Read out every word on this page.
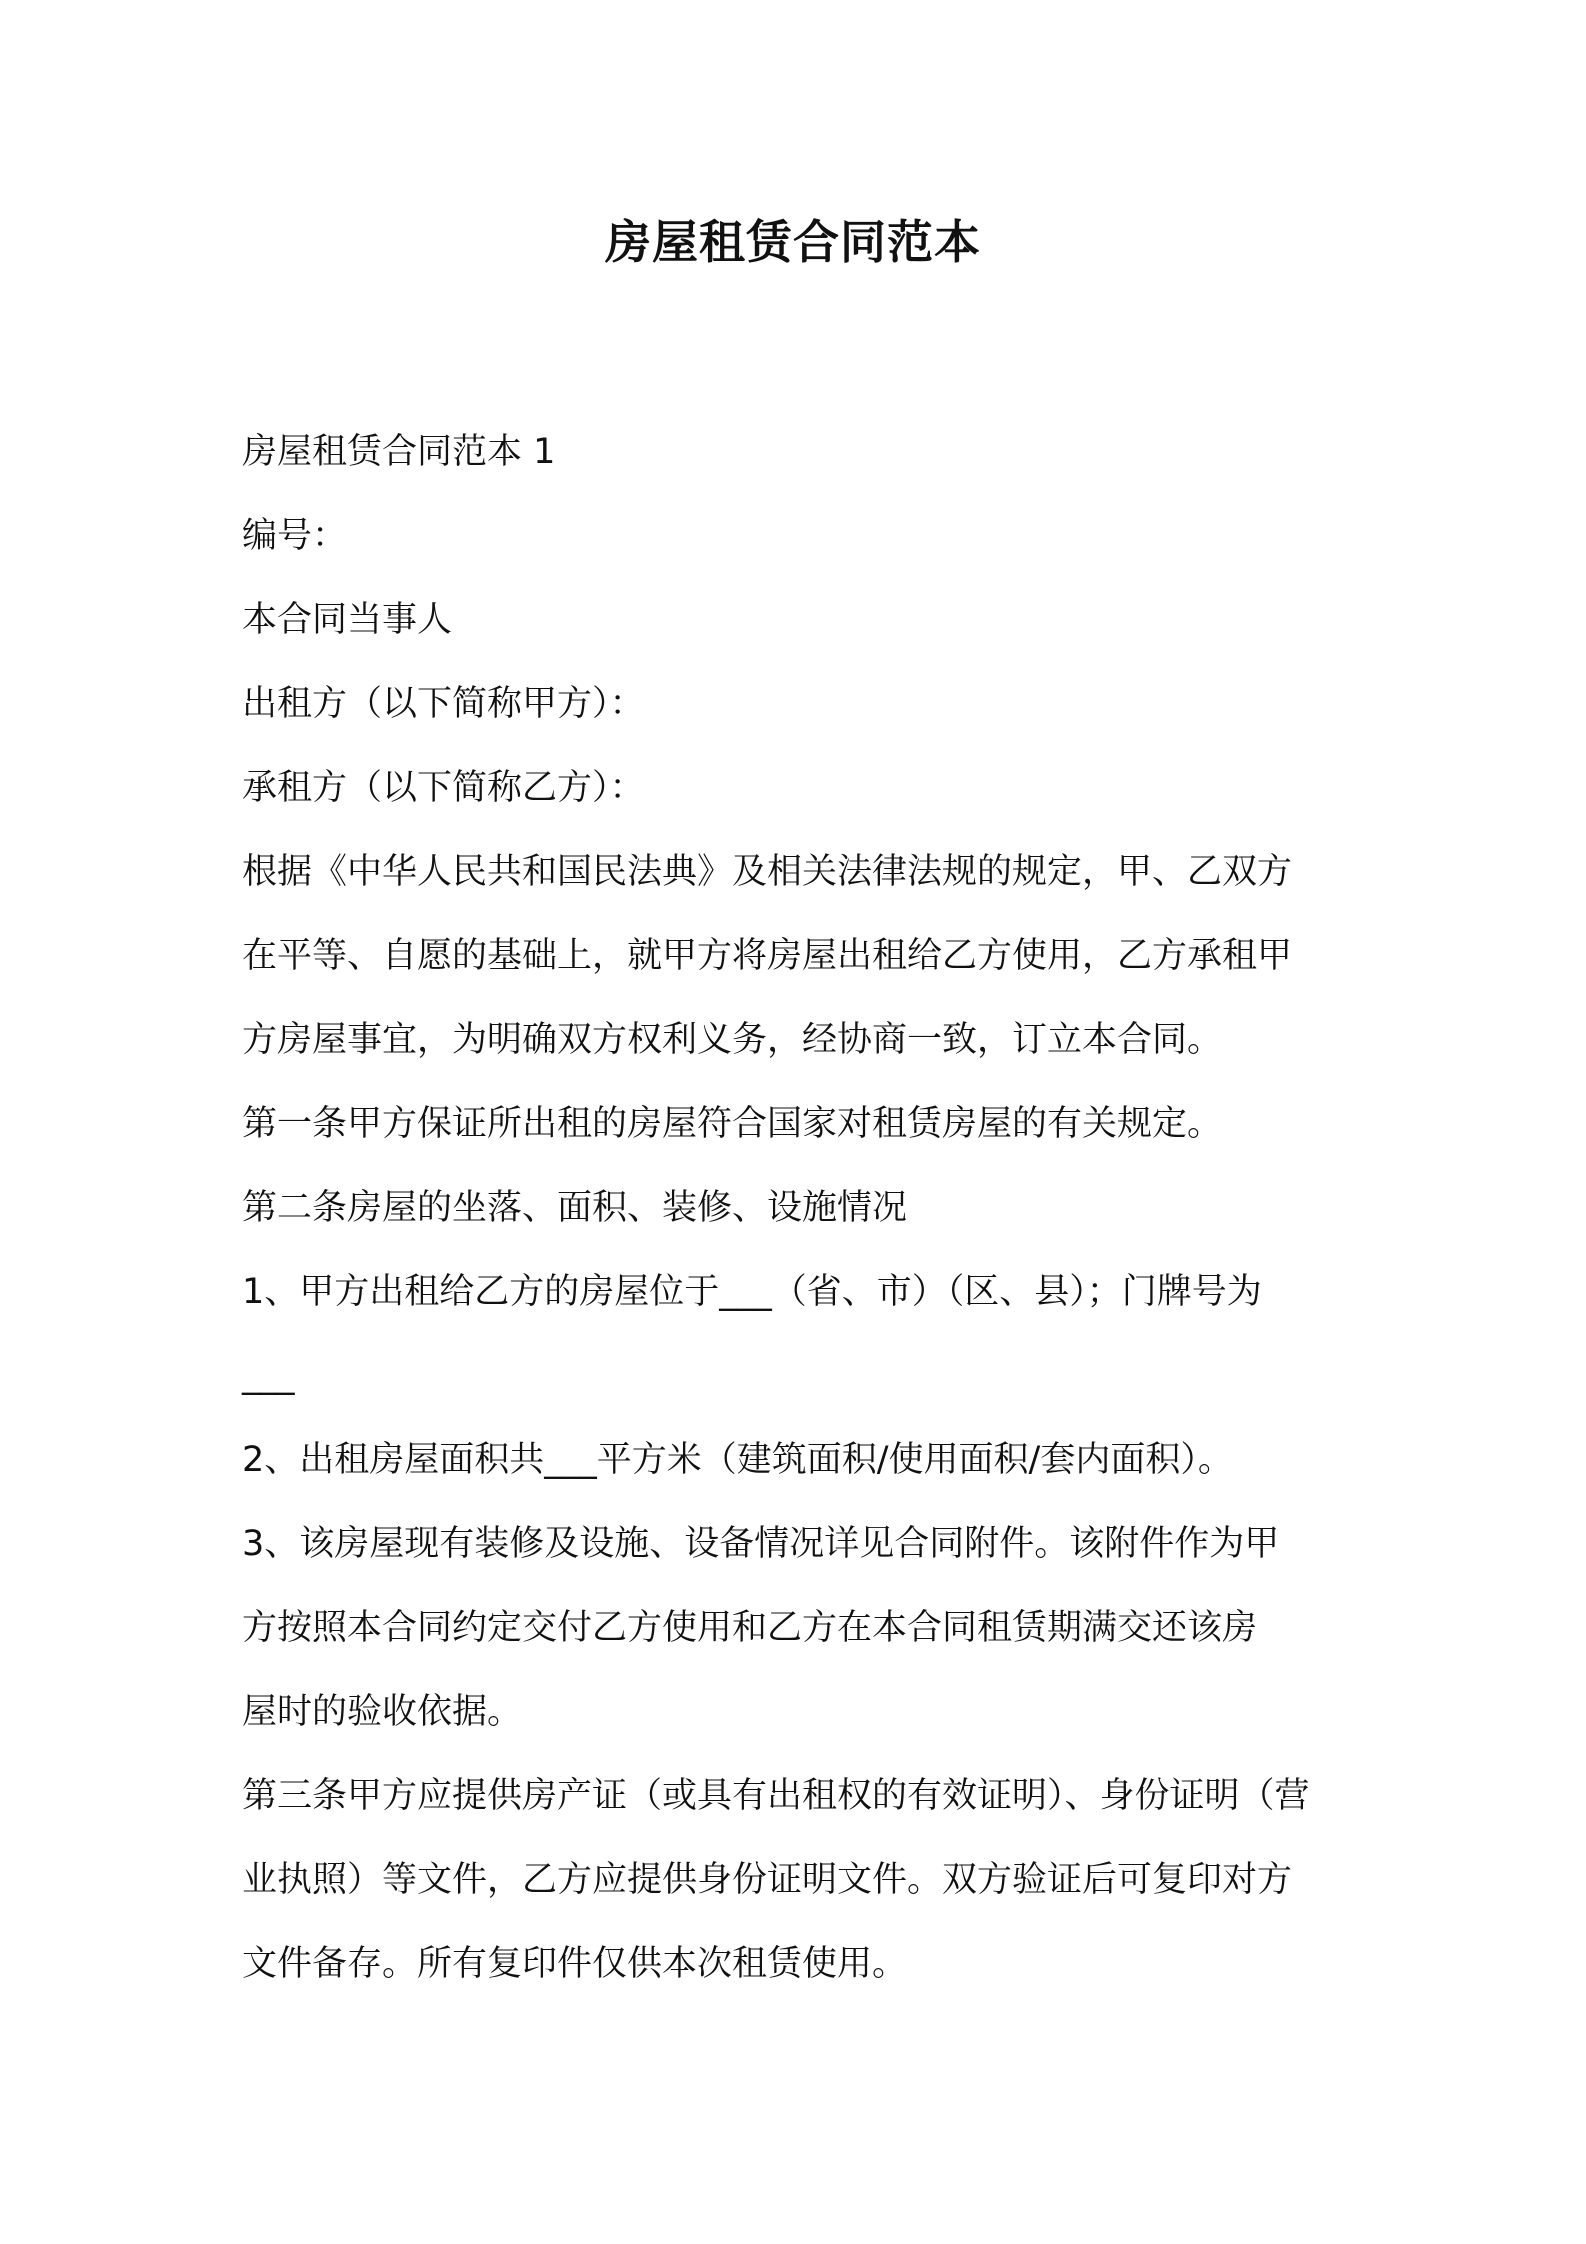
房屋租赁合同范本
房屋租赁合同范本 1
编号：
本合同当事人
出租方（以下简称甲方）：
承租方（以下简称乙方）：
根据《中华人民共和国民法典》及相关法律法规的规定，甲、乙双方
在平等、自愿的基础上，就甲方将房屋出租给乙方使用，乙方承租甲
方房屋事宜，为明确双方权利义务，经协商一致，订立本合同。
第一条甲方保证所出租的房屋符合国家对租赁房屋的有关规定。
第二条房屋的坐落、面积、装修、设施情况
1、甲方出租给乙方的房屋位于___（省、市）（区、县）；门牌号为
___
2、出租房屋面积共___平方米（建筑面积/使用面积/套内面积）。
3、该房屋现有装修及设施、设备情况详见合同附件。该附件作为甲
方按照本合同约定交付乙方使用和乙方在本合同租赁期满交还该房
屋时的验收依据。
第三条甲方应提供房产证（或具有出租权的有效证明）、身份证明（营
业执照）等文件，乙方应提供身份证明文件。双方验证后可复印对方
文件备存。所有复印件仅供本次租赁使用。
